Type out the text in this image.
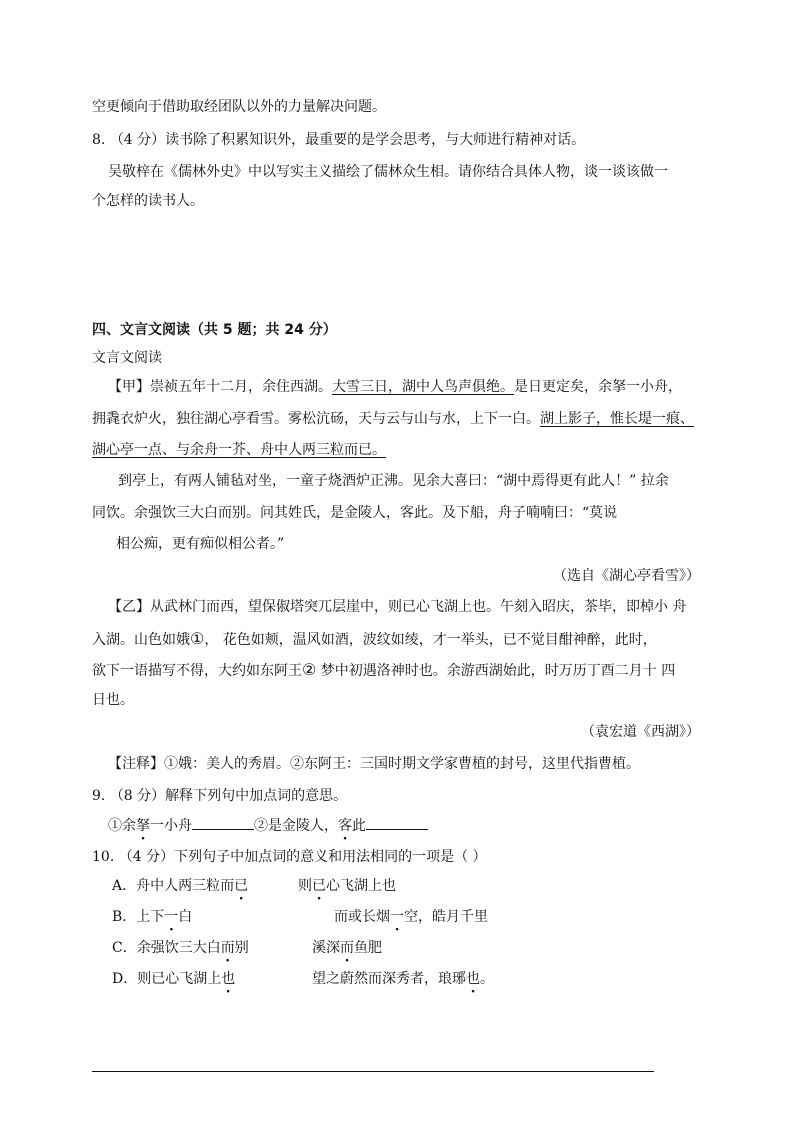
空更倾向于借助取经团队以外的力量解决问题。
8. （4 分）读书除了积累知识外，最重要的是学会思考，与大师进行精神对话。
吴敬梓在《儒林外史》中以写实主义描绘了儒林众生相。请你结合具体人物，谈一谈该做一
个怎样的读书人。
四、文言文阅读（共 5 题；共 24 分）
文言文阅读
【甲】崇祯五年十二月，余住西湖。大雪三日，湖中人鸟声俱绝。是日更定矣，余拏一小舟，
拥毳衣炉火，独往湖心亭看雪。雾松沆砀，天与云与山与水，上下一白。湖上影子，惟长堤一痕、
湖心亭一点、与余舟一芥、舟中人两三粒而已。
到亭上，有两人铺毡对坐，一童子烧酒炉正沸。见余大喜曰：“湖中焉得更有此人！” 拉余
同饮。余强饮三大白而别。问其姓氏，是金陵人，客此。及下船，舟子喃喃曰：“莫说
相公痴，更有痴似相公者。”
（选自《湖心亭看雪》）
【乙】从武林门而西，望保俶塔突兀层崖中，则已心飞湖上也。午刻入昭庆，茶毕，即棹小 舟
入湖。山色如娥①， 花色如颊，温风如酒，波纹如绫，才一举头，已不觉目酣神醉，此时，
欲下一语描写不得，大约如东阿王② 梦中初遇洛神时也。余游西湖始此，时万历丁酉二月十 四
日也。
（袁宏道《西湖》）
【注释】①娥：美人的秀眉。②东阿王：三国时期文学家曹植的封号，这里代指曹植。
9. （8 分）解释下列句中加点词的意思。
①余拏一小舟	②是金陵人，客此
10. （4 分）下列句子中加点词的意义和用法相同的一项是（ ）
A．舟中人两三粒而已	则已心飞湖上也
B．上下一白	而或长烟一空，皓月千里
C．余强饮三大白而别	溪深而鱼肥
D．则已心飞湖上也	望之蔚然而深秀者，琅琊也。
